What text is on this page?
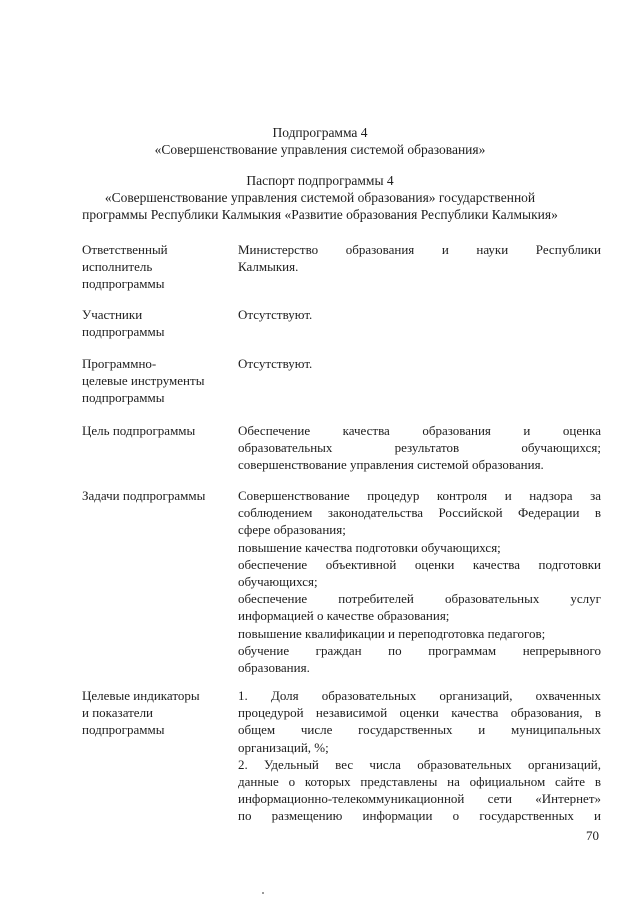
Подпрограмма 4
«Совершенствование управления системой образования»
Паспорт подпрограммы 4
«Совершенствование управления системой образования» государственной
программы Республики Калмыкия «Развитие образования Республики Калмыкия»
Ответственный
исполнитель
подпрограммы
Министерство образования и науки Республики
Калмыкия.
Участники
подпрограммы
Отсутствуют.
Программно-
целевые инструменты
подпрограммы
Отсутствуют.
Цель подпрограммы	Обеспечение качества образования и оценка
образовательных результатов обучающихся;
совершенствование управления системой образования.
Задачи подпрограммы	Совершенствование процедур контроля и надзора за
соблюдением законодательства Российской Федерации в
сфере образования;
повышение качества подготовки обучающихся;
обеспечение объективной оценки качества подготовки
обучающихся;
обеспечение потребителей образовательных услуг
информацией о качестве образования;
повышение квалификации и переподготовка педагогов;
обучение граждан по программам непрерывного
образования.
Целевые индикаторы
и показатели
подпрограммы
1. Доля образовательных организаций, охваченных
процедурой независимой оценки качества образования, в
общем числе государственных и муниципальных
организаций, %;
2. Удельный вес числа образовательных организаций,
данные о которых представлены на официальном сайте в
информационно-телекоммуникационной сети «Интернет»
по размещению информации о государственных и
70
